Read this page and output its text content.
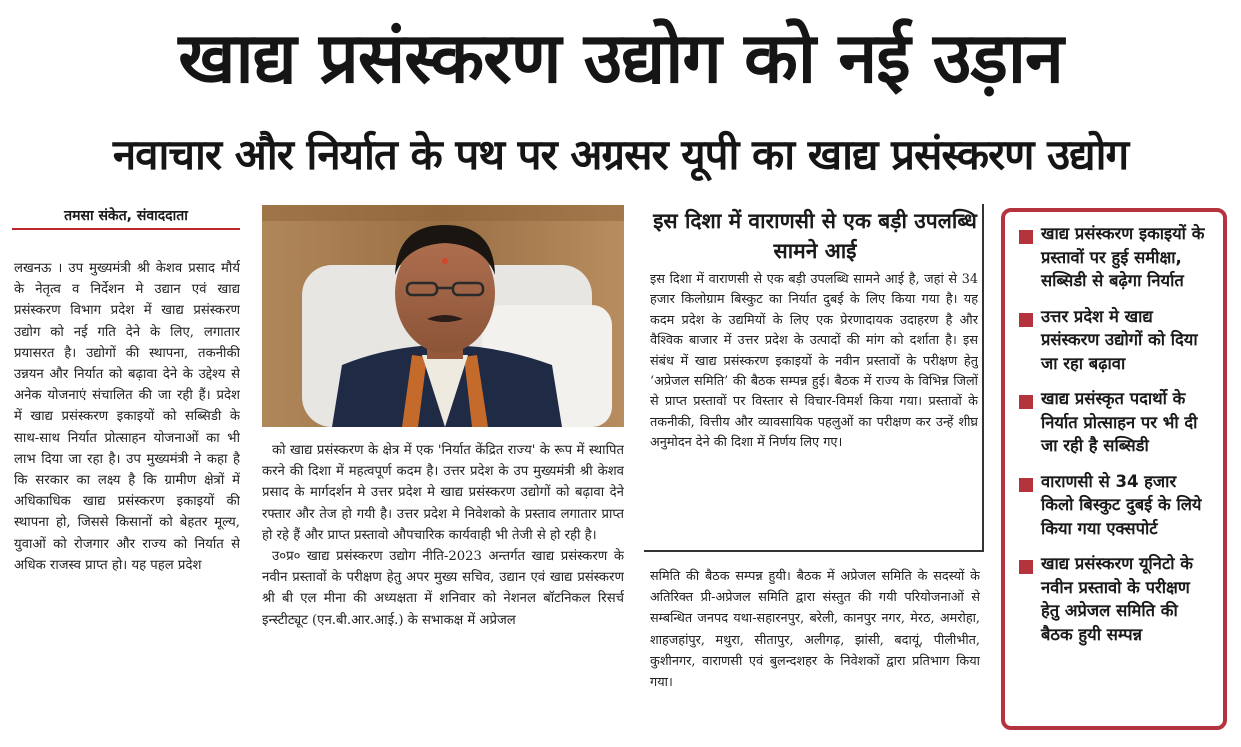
खाद्य प्रसंस्करण उद्योग को नई उड़ान
नवाचार और निर्यात के पथ पर अग्रसर यूपी का खाद्य प्रसंस्करण उद्योग
तमसा संकेत, संवाददाता
लखनऊ । उप मुख्यमंत्री श्री केशव प्रसाद मौर्य के नेतृत्व व निर्देशन मे उद्यान एवं खाद्य प्रसंस्करण विभाग प्रदेश में खाद्य प्रसंस्करण उद्योग को नई गति देने के लिए, लगातार प्रयासरत है। उद्योगों की स्थापना, तकनीकी उन्नयन और निर्यात को बढ़ावा देने के उद्देश्य से अनेक योजनाएं संचालित की जा रही हैं। प्रदेश में खाद्य प्रसंस्करण इकाइयों को सब्सिडी के साथ-साथ निर्यात प्रोत्साहन योजनाओं का भी लाभ दिया जा रहा है। उप मुख्यमंत्री ने कहा है कि सरकार का लक्ष्य है कि ग्रामीण क्षेत्रों में अधिकाधिक खाद्य प्रसंस्करण इकाइयों की स्थापना हो, जिससे किसानों को बेहतर मूल्य, युवाओं को रोजगार और राज्य को निर्यात से अधिक राजस्व प्राप्त हो। यह पहल प्रदेश

को खाद्य प्रसंस्करण के क्षेत्र में एक 'निर्यात केंद्रित राज्य' के रूप में स्थापित करने की दिशा में महत्वपूर्ण कदम है। उत्तर प्रदेश के उप मुख्यमंत्री श्री केशव प्रसाद के मार्गदर्शन मे उत्तर प्रदेश मे खाद्य प्रसंस्करण उद्योगों को बढ़ावा देने रफ्तार और तेज हो गयी है। उत्तर प्रदेश मे निवेशको के प्रस्ताव लगातार प्राप्त हो रहे हैं और प्राप्त प्रस्तावो औपचारिक कार्यवाही भी तेजी से हो रही है।

उ०प्र० खाद्य प्रसंस्करण उद्योग नीति-2023 अन्तर्गत खाद्य प्रसंस्करण के नवीन प्रस्तावों के परीक्षण हेतु अपर मुख्य सचिव, उद्यान एवं खाद्य प्रसंस्करण श्री बी एल मीना की अध्यक्षता में शनिवार को नेशनल बॉटनिकल रिसर्च इन्स्टीट्यूट (एन.बी.आर.आई.) के सभाकक्ष में अप्रेजल

इस दिशा में वाराणसी से एक बड़ी उपलब्धि सामने आई
इस दिशा में वाराणसी से एक बड़ी उपलब्धि सामने आई है, जहां से 34 हजार किलोग्राम बिस्कुट का निर्यात दुबई के लिए किया गया है। यह कदम प्रदेश के उद्यमियों के लिए एक प्रेरणादायक उदाहरण है और वैश्विक बाजार में उत्तर प्रदेश के उत्पादों की मांग को दर्शाता है। इस संबंध में खाद्य प्रसंस्करण इकाइयों के नवीन प्रस्तावों के परीक्षण हेतु ‘अप्रेजल समिति’ की बैठक सम्पन्न हुई। बैठक में राज्य के विभिन्न जिलों से प्राप्त प्रस्तावों पर विस्तार से विचार-विमर्श किया गया। प्रस्तावों के तकनीकी, वित्तीय और व्यावसायिक पहलुओं का परीक्षण कर उन्हें शीघ्र अनुमोदन देने की दिशा में निर्णय लिए गए।
समिति की बैठक सम्पन्न हुयी। बैठक में अप्रेजल समिति के सदस्यों के अतिरिक्त प्री-अप्रेजल समिति द्वारा संस्तुत की गयी परियोजनाओं से सम्बन्धित जनपद यथा-सहारनपुर, बरेली, कानपुर नगर, मेरठ, अमरोहा, शाहजहांपुर, मथुरा, सीतापुर, अलीगढ़, झांसी, बदायूं, पीलीभीत, कुशीनगर, वाराणसी एवं बुलन्दशहर के निवेशकों द्वारा प्रतिभाग किया गया।
खाद्य प्रसंस्करण इकाइयों के प्रस्तावों पर हुई समीक्षा, सब्सिडी से बढ़ेगा निर्यात
उत्तर प्रदेश मे खाद्य प्रसंस्करण उद्योगों को दिया जा रहा बढ़ावा
खाद्य प्रसंस्कृत पदार्थो के निर्यात प्रोत्साहन पर भी दी जा रही है सब्सिडी
वाराणसी से 34 हजार किलो बिस्कुट दुबई के लिये किया गया एक्सपोर्ट
खाद्य प्रसंस्करण यूनिटो के नवीन प्रस्तावो के परीक्षण हेतु अप्रेजल समिति की बैठक हुयी सम्पन्न
